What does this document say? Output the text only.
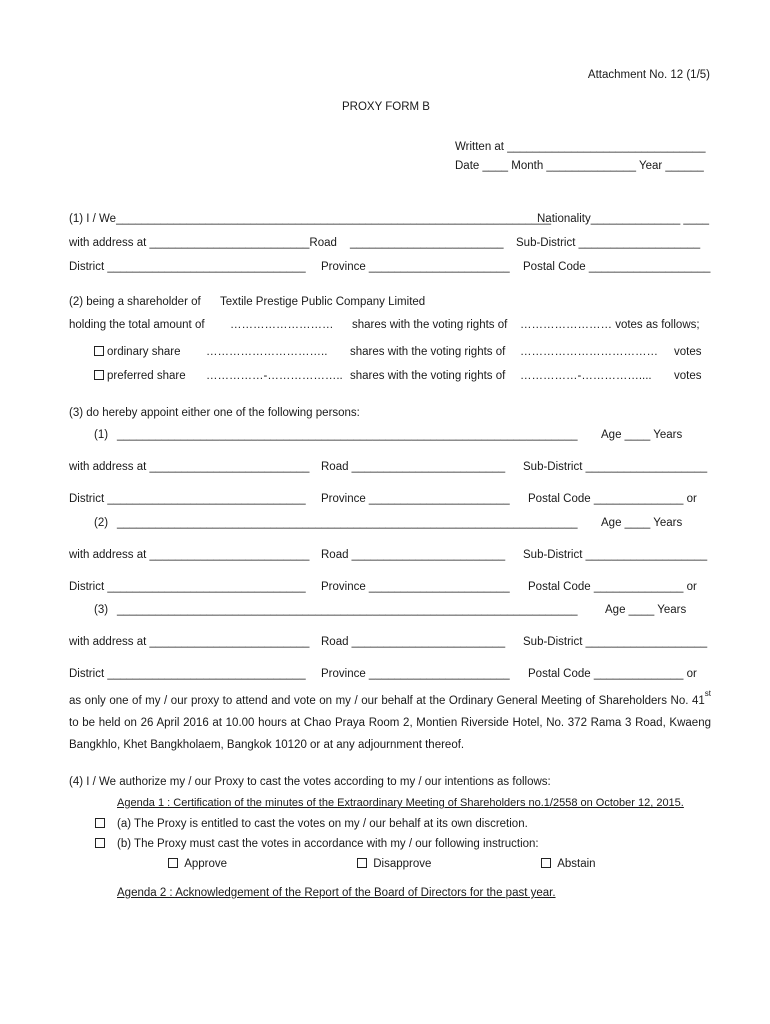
Attachment No. 12 (1/5)
PROXY FORM B
Written at _______________________________
Date ____ Month ______________ Year ______
(1) I / We____________________________________________________________________
Nationality______________ ____
with address at _________________________Road ________________________ Sub-District ___________________
District _______________________________ Province ______________________ Postal Code ___________________
(2) being a shareholder of Textile Prestige Public Company Limited
holding the total amount of ……………………… shares with the voting rights of …………………… votes as follows;
ordinary share ………………………….. shares with the voting rights of ……………………………… votes
preferred share ……………-……………….. shares with the voting rights of ……………-…………….... votes
(3) do hereby appoint either one of the following persons:
(1) ________________________________________________________________________ Age ____ Years
with address at _________________________ Road ________________________ Sub-District ___________________
District _______________________________ Province ______________________ Postal Code ______________ or
(2) ________________________________________________________________________ Age ____ Years
with address at _________________________ Road ________________________ Sub-District ___________________
District _______________________________ Province ______________________ Postal Code ______________ or
(3) ________________________________________________________________________ Age ____ Years
with address at _________________________ Road ________________________ Sub-District ___________________
District _______________________________ Province ______________________ Postal Code ______________ or
as only one of my / our proxy to attend and vote on my / our behalf at the Ordinary General Meeting of Shareholders No. 41st to be held on 26 April 2016 at 10.00 hours at Chao Praya Room 2, Montien Riverside Hotel, No. 372 Rama 3 Road, Kwaeng Bangkhlo, Khet Bangkholaem, Bangkok 10120 or at any adjournment thereof.
(4) I / We authorize my / our Proxy to cast the votes according to my / our intentions as follows:
Agenda 1 : Certification of the minutes of the Extraordinary Meeting of Shareholders no.1/2558 on October 12, 2015.
(a) The Proxy is entitled to cast the votes on my / our behalf at its own discretion.
(b) The Proxy must cast the votes in accordance with my / our following instruction:
Approve	Disapprove	Abstain
Agenda 2 : Acknowledgement of the Report of the Board of Directors for the past year.
